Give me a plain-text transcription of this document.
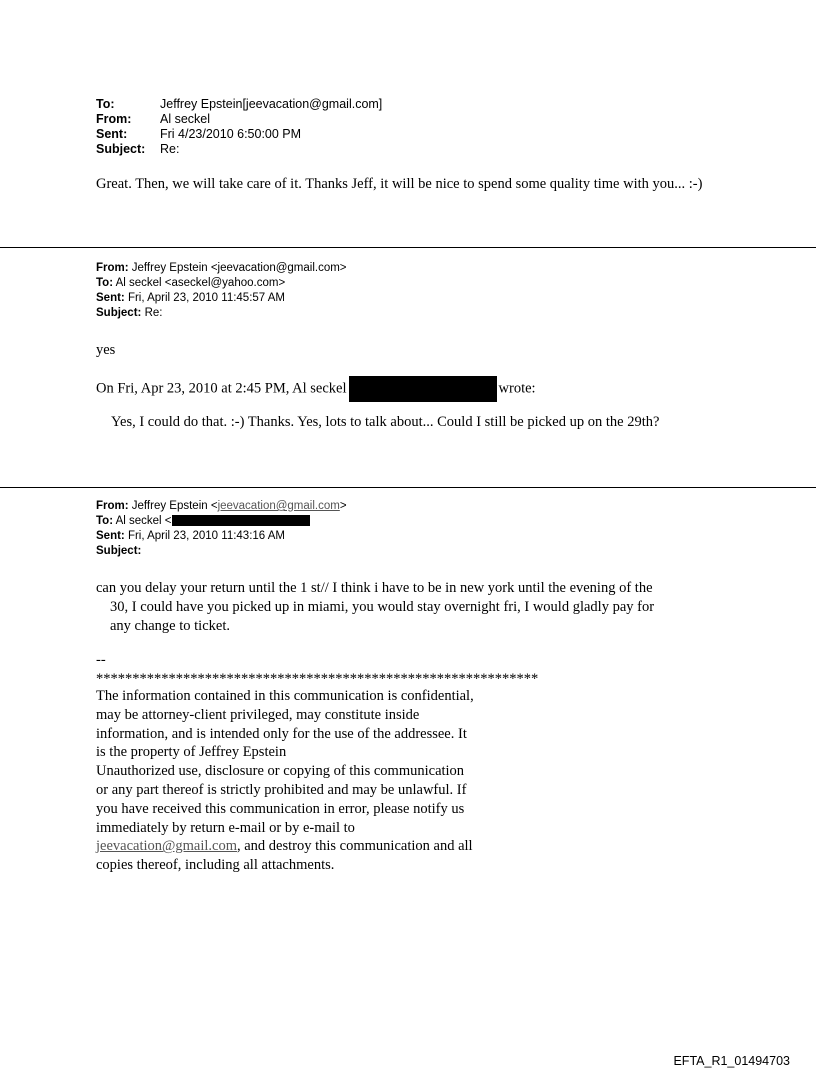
To:	Jeffrey Epstein[jeevacation@gmail.com]
From:	Al seckel
Sent:	Fri 4/23/2010 6:50:00 PM
Subject:	Re:
Great. Then, we will take care of it. Thanks Jeff, it will be nice to spend some quality time with you... :-)
From: Jeffrey Epstein <jeevacation@gmail.com>
To: Al seckel <aseckel@yahoo.com>
Sent: Fri, April 23, 2010 11:45:57 AM
Subject: Re:
yes
On Fri, Apr 23, 2010 at 2:45 PM, Al seckel	wrote:
Yes, I could do that. :-) Thanks. Yes, lots to talk about... Could I still be picked up on the 29th?
From: Jeffrey Epstein <jeevacation@gmail.com>
To: Al seckel <
Sent: Fri, April 23, 2010 11:43:16 AM
Subject:
can you delay your return until the 1 st// I think i have to be in new york until the evening of the
30, I could have you picked up in miami, you would stay overnight fri, I would gladly pay for
any change to ticket.
--
*************************************************************
The information contained in this communication is confidential, may be attorney-client privileged, may constitute inside information, and is intended only for the use of the addressee. It is the property of Jeffrey Epstein
Unauthorized use, disclosure or copying of this communication or any part thereof is strictly prohibited and may be unlawful. If you have received this communication in error, please notify us immediately by return e-mail or by e-mail to jeevacation@gmail.com, and destroy this communication and all copies thereof, including all attachments.
EFTA_R1_01494703
